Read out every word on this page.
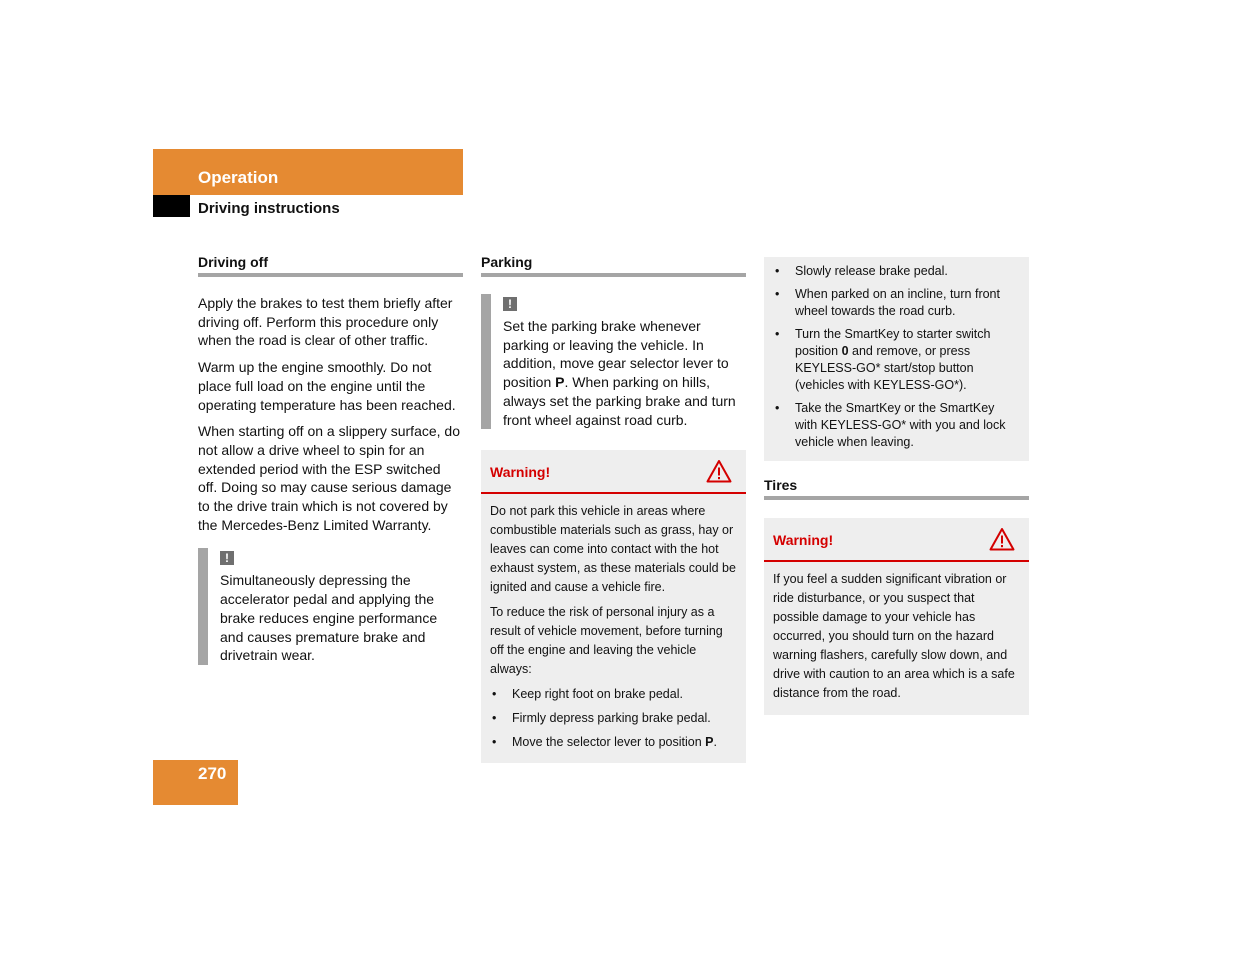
Operation
Driving instructions
Driving off

Apply the brakes to test them briefly after driving off. Perform this procedure only when the road is clear of other traffic.

Warm up the engine smoothly. Do not place full load on the engine until the operating temperature has been reached.

When starting off on a slippery surface, do not allow a drive wheel to spin for an extended period with the ESP switched off. Doing so may cause serious damage to the drive train which is not covered by the Mercedes-Benz Limited Warranty.

!
Simultaneously depressing the accelerator pedal and applying the brake reduces engine performance and causes premature brake and drivetrain wear.
Parking
!
Set the parking brake whenever parking or leaving the vehicle. In addition, move gear selector lever to position P. When parking on hills, always set the parking brake and turn front wheel against road curb.
Warning!

Do not park this vehicle in areas where combustible materials such as grass, hay or leaves can come into contact with the hot exhaust system, as these materials could be ignited and cause a vehicle fire.

To reduce the risk of personal injury as a result of vehicle movement, before turning off the engine and leaving the vehicle always:

• Keep right foot on brake pedal.
• Firmly depress parking brake pedal.
• Move the selector lever to position P.
• Slowly release brake pedal.
• When parked on an incline, turn front wheel towards the road curb.
• Turn the SmartKey to starter switch position 0 and remove, or press KEYLESS-GO* start/stop button (vehicles with KEYLESS-GO*).
• Take the SmartKey or the SmartKey with KEYLESS-GO* with you and lock vehicle when leaving.
Tires
Warning!

If you feel a sudden significant vibration or ride disturbance, or you suspect that possible damage to your vehicle has occurred, you should turn on the hazard warning flashers, carefully slow down, and drive with caution to an area which is a safe distance from the road.

270
